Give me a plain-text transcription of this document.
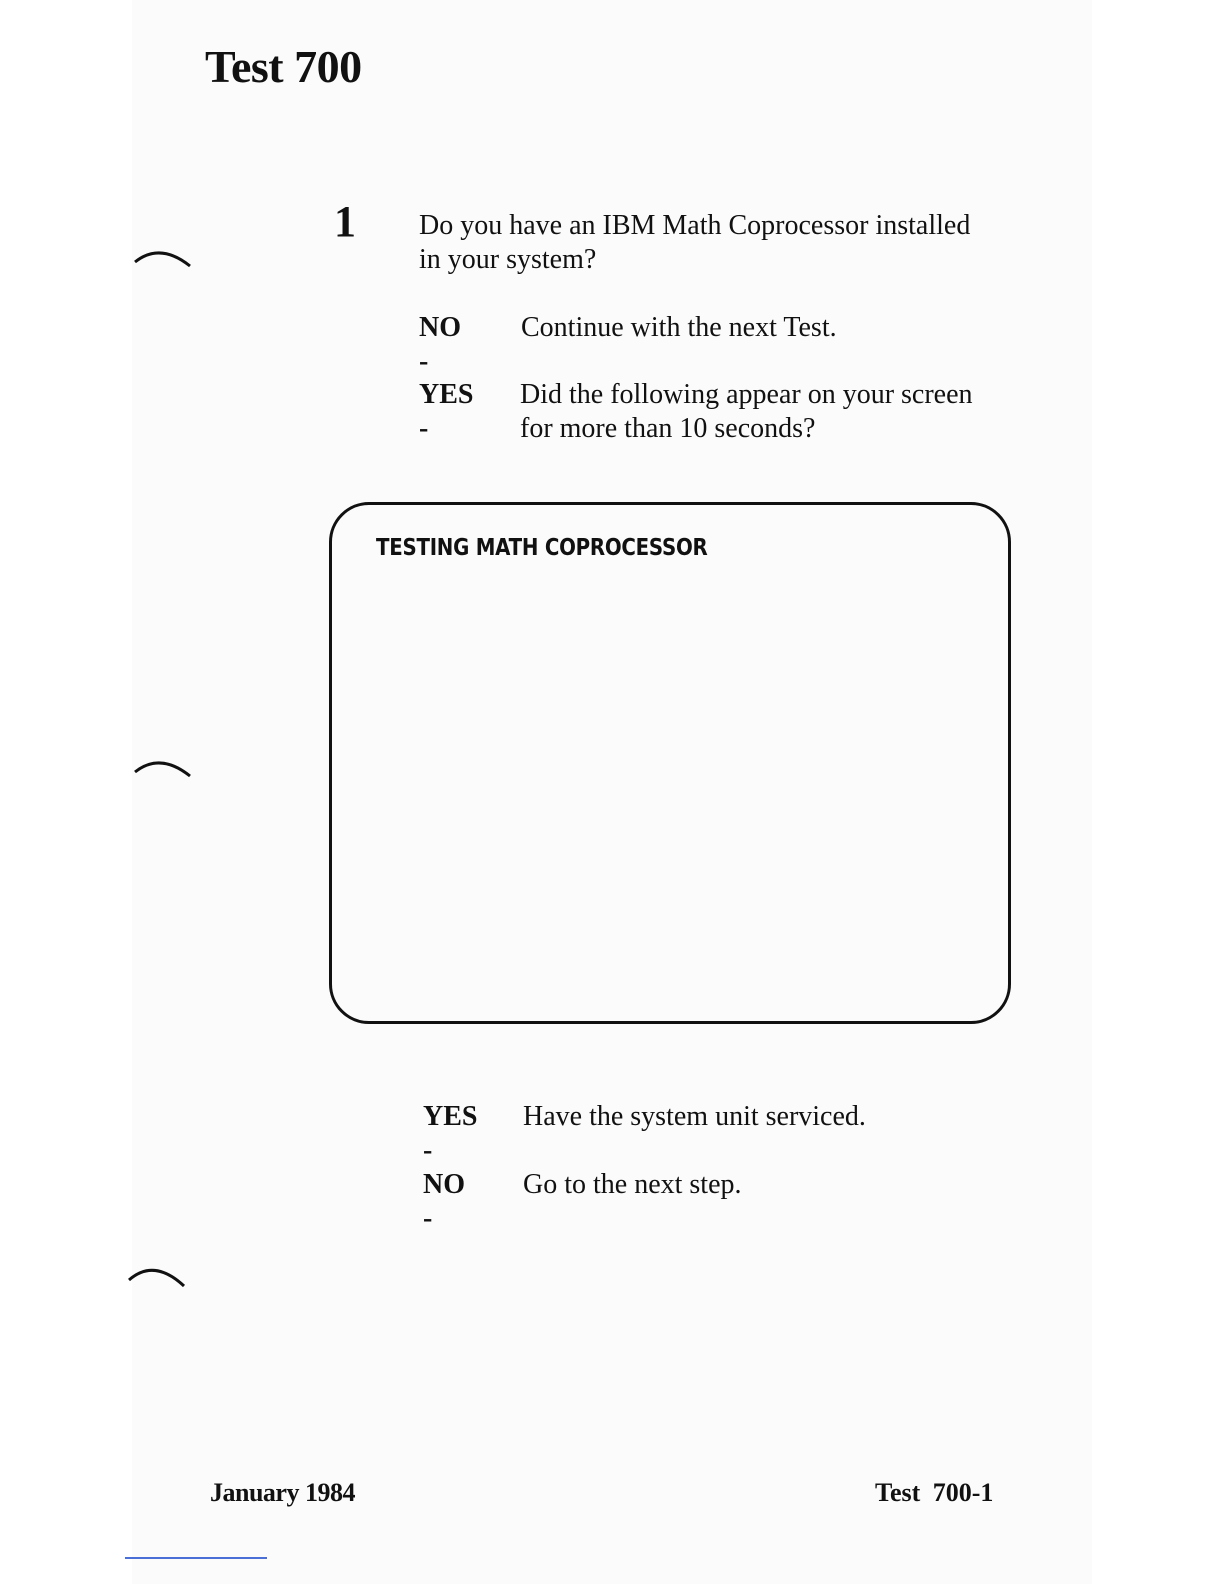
Test 700
1 Do you have an IBM Math Coprocessor installed in your system?
NO -
Continue with the next Test.
YES -
Did the following appear on your screen
for more than 10 seconds?
TESTING MATH COPROCESSOR
YES -
Have the system unit serviced.
NO -
Go to the next step.
January 1984	Test 700-1
